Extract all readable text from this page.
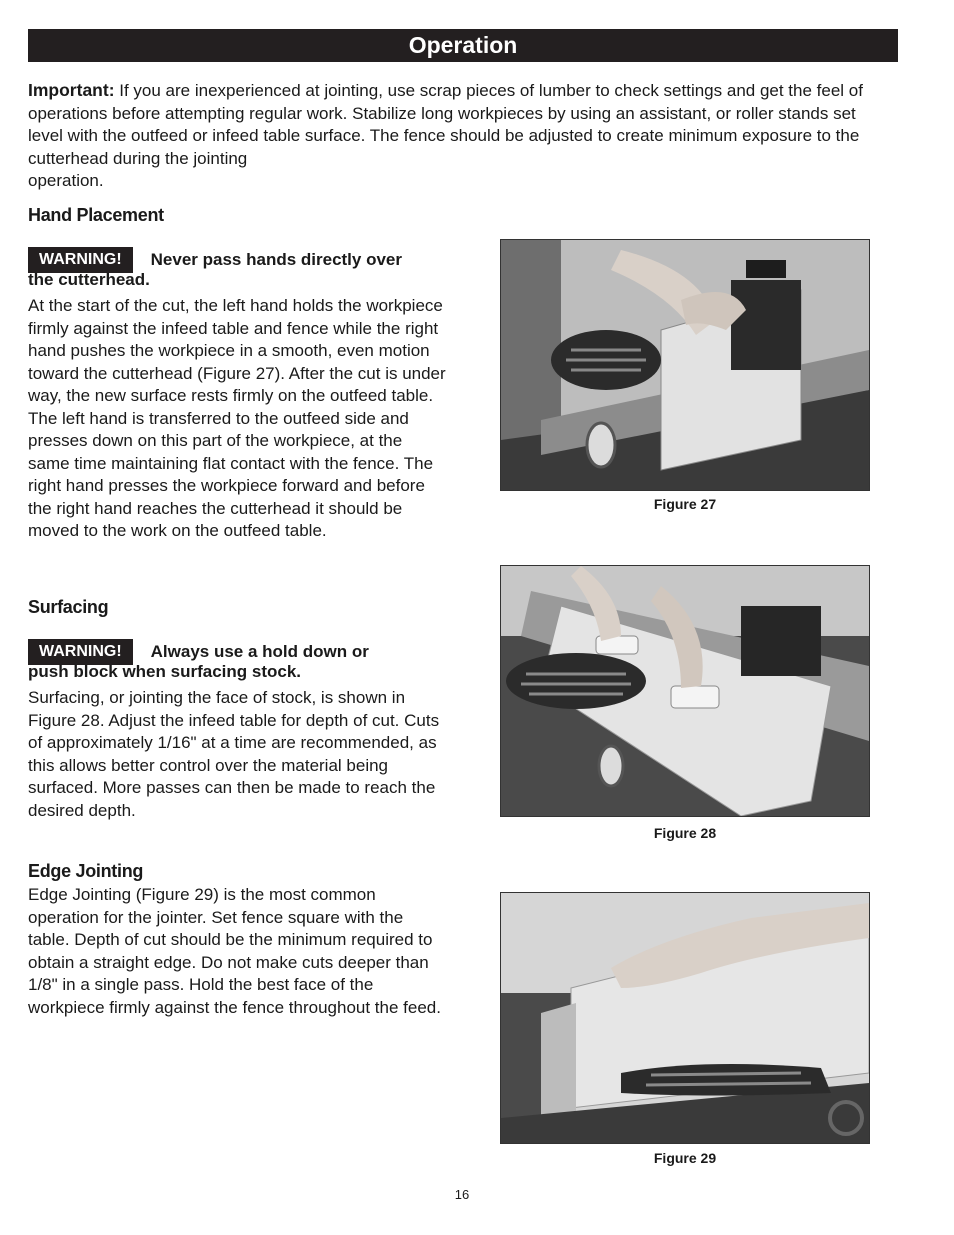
Operation
Important: If you are inexperienced at jointing, use scrap pieces of lumber to check settings and get the feel of operations before attempting regular work. Stabilize long workpieces by using an assistant, or roller stands set level with the outfeed or infeed table surface. The fence should be adjusted to create minimum exposure to the cutterhead during the jointing
operation.
Hand Placement
WARNING!	Never pass hands directly over
the cutterhead.
At the start of the cut, the left hand holds the workpiece firmly against the infeed table and fence while the right hand pushes the workpiece in a smooth, even motion toward the cutterhead (Figure 27). After the cut is under way, the new surface rests firmly on the outfeed table. The left hand is transferred to the outfeed side and presses down on this part of the workpiece, at the same time maintaining flat contact with the fence. The right hand presses the workpiece forward and before the right hand reaches the cutterhead it should be moved to the work on the outfeed table.
Surfacing
WARNING!	Always use a hold down or
push block when surfacing stock.
Surfacing, or jointing the face of stock, is shown in Figure 28. Adjust the infeed table for depth of cut. Cuts of approximately 1/16" at a time are recommended, as this allows better control over the material being surfaced. More passes can then be made to reach the desired depth.
Edge Jointing
Edge Jointing (Figure 29) is the most common operation for the jointer. Set fence square with the table. Depth of cut should be the minimum required to obtain a straight edge. Do not make cuts deeper than 1/8" in a single pass. Hold the best face of the workpiece firmly against the fence throughout the feed.
Figure 27
Figure 28
Figure 29
16
